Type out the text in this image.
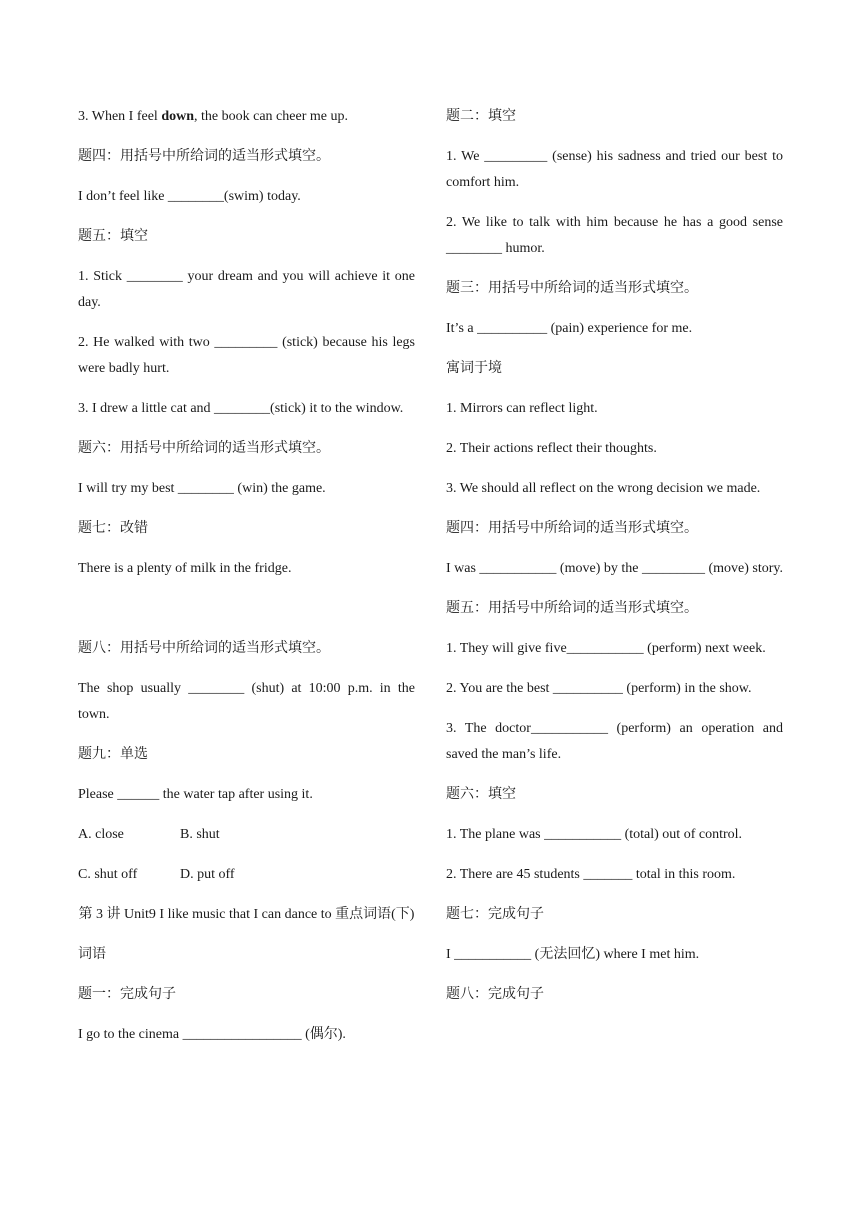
3. When I feel down, the book can cheer me up.

题四：用括号中所给词的适当形式填空。

I don’t feel like ________(swim) today.

题五：填空

1. Stick ________ your dream and you will achieve it one day.

2. He walked with two _________ (stick) because his legs were badly hurt.

3. I drew a little cat and ________(stick) it to the window.

题六：用括号中所给词的适当形式填空。

I will try my best ________ (win) the game.

题七：改错

There is a plenty of milk in the fridge.

题八：用括号中所给词的适当形式填空。

The shop usually ________ (shut) at 10:00 p.m. in the town.

题九：单选

Please ______ the water tap after using it.

A. close	B. shut

C. shut off	D. put off

第 3 讲 Unit9 I like music that I can dance to 重点词语(下)

词语

题一：完成句子

I go to the cinema _________________ (偶尔).

题二：填空

1. We _________ (sense) his sadness and tried our best to comfort him.

2. We like to talk with him because he has a good sense ________ humor.

题三：用括号中所给词的适当形式填空。

It’s a __________ (pain) experience for me.

寓词于境

1. Mirrors can reflect light.

2. Their actions reflect their thoughts.

3. We should all reflect on the wrong decision we made.

题四：用括号中所给词的适当形式填空。

I was ___________ (move) by the _________ (move) story.

题五：用括号中所给词的适当形式填空。

1. They will give five___________ (perform) next week.

2. You are the best __________ (perform) in the show.

3. The doctor___________ (perform) an operation and saved the man’s life.

题六：填空

1. The plane was ___________ (total) out of control.

2. There are 45 students _______ total in this room.

题七：完成句子

I ___________ (无法回忆) where I met him.

题八：完成句子
